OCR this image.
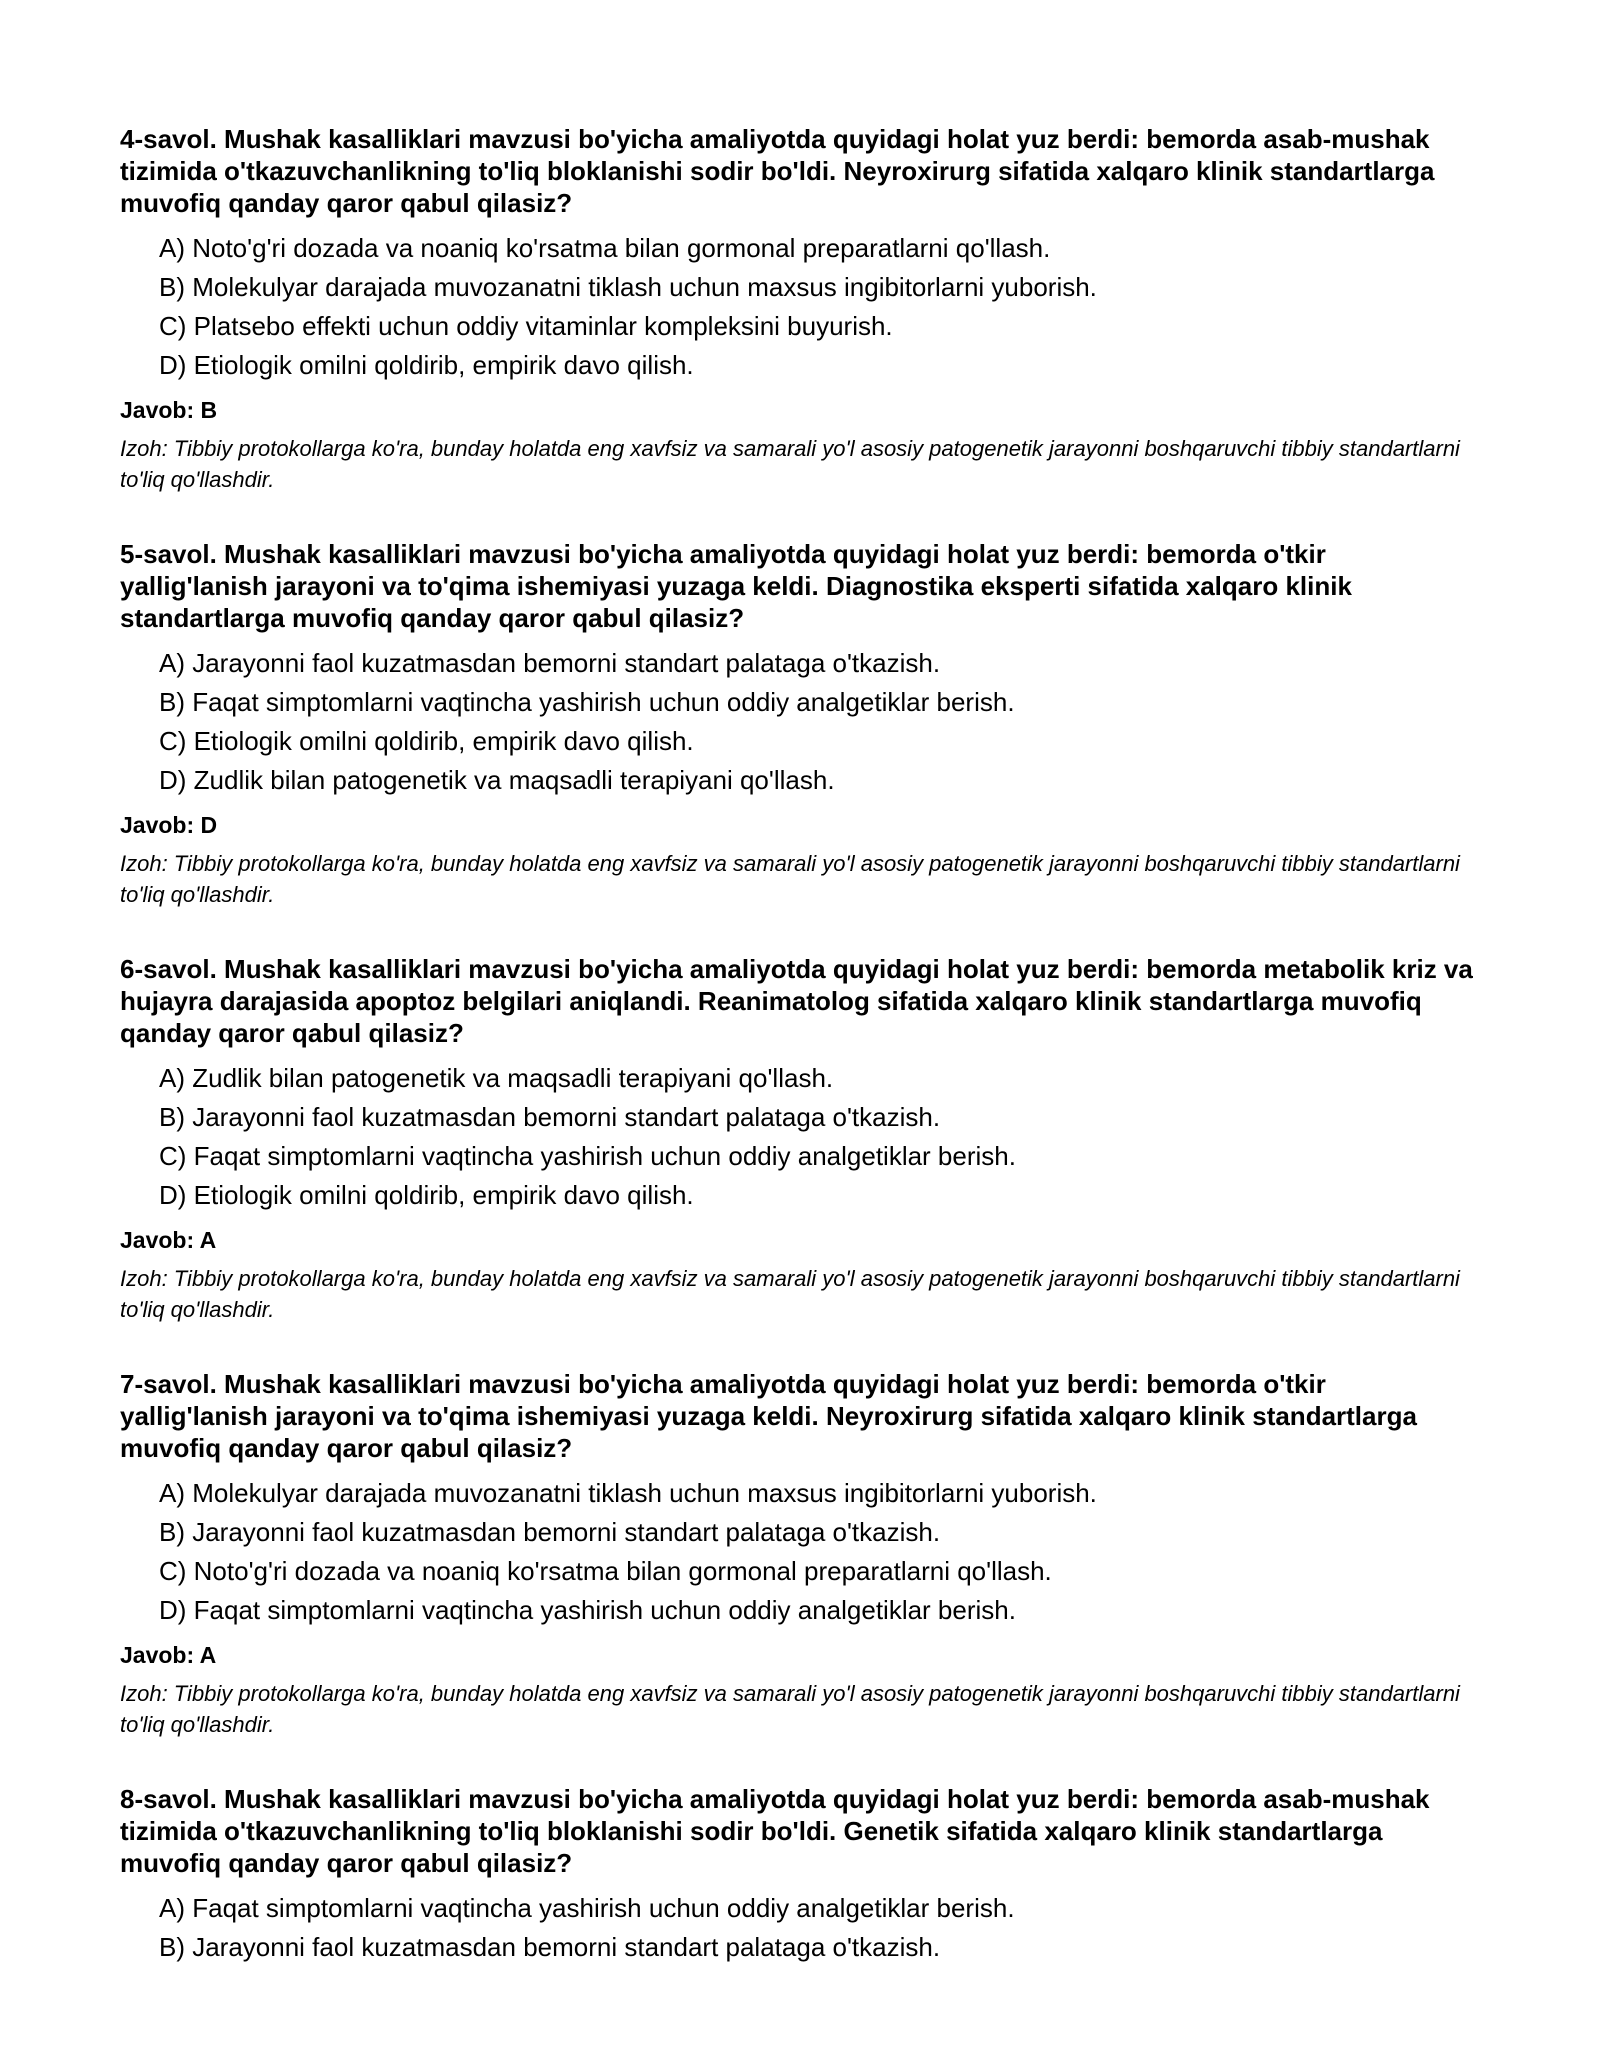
4-savol. Mushak kasalliklari mavzusi bo'yicha amaliyotda quyidagi holat yuz berdi: bemorda asab-mushak tizimida o'tkazuvchanlikning to'liq bloklanishi sodir bo'ldi. Neyroxirurg sifatida xalqaro klinik standartlarga muvofiq qanday qaror qabul qilasiz?

A) Noto'g'ri dozada va noaniq ko'rsatma bilan gormonal preparatlarni qo'llash.
B) Molekulyar darajada muvozanatni tiklash uchun maxsus ingibitorlarni yuborish.
C) Platsebo effekti uchun oddiy vitaminlar kompleksini buyurish.
D) Etiologik omilni qoldirib, empirik davo qilish.

Javob: B

Izoh: Tibbiy protokollarga ko'ra, bunday holatda eng xavfsiz va samarali yo'l asosiy patogenetik jarayonni boshqaruvchi tibbiy standartlarni to'liq qo'llashdir.

5-savol. Mushak kasalliklari mavzusi bo'yicha amaliyotda quyidagi holat yuz berdi: bemorda o'tkir yallig'lanish jarayoni va to'qima ishemiyasi yuzaga keldi. Diagnostika eksperti sifatida xalqaro klinik standartlarga muvofiq qanday qaror qabul qilasiz?

A) Jarayonni faol kuzatmasdan bemorni standart palataga o'tkazish.
B) Faqat simptomlarni vaqtincha yashirish uchun oddiy analgetiklar berish.
C) Etiologik omilni qoldirib, empirik davo qilish.
D) Zudlik bilan patogenetik va maqsadli terapiyani qo'llash.

Javob: D

Izoh: Tibbiy protokollarga ko'ra, bunday holatda eng xavfsiz va samarali yo'l asosiy patogenetik jarayonni boshqaruvchi tibbiy standartlarni to'liq qo'llashdir.

6-savol. Mushak kasalliklari mavzusi bo'yicha amaliyotda quyidagi holat yuz berdi: bemorda metabolik kriz va hujayra darajasida apoptoz belgilari aniqlandi. Reanimatolog sifatida xalqaro klinik standartlarga muvofiq qanday qaror qabul qilasiz?

A) Zudlik bilan patogenetik va maqsadli terapiyani qo'llash.
B) Jarayonni faol kuzatmasdan bemorni standart palataga o'tkazish.
C) Faqat simptomlarni vaqtincha yashirish uchun oddiy analgetiklar berish.
D) Etiologik omilni qoldirib, empirik davo qilish.

Javob: A

Izoh: Tibbiy protokollarga ko'ra, bunday holatda eng xavfsiz va samarali yo'l asosiy patogenetik jarayonni boshqaruvchi tibbiy standartlarni to'liq qo'llashdir.

7-savol. Mushak kasalliklari mavzusi bo'yicha amaliyotda quyidagi holat yuz berdi: bemorda o'tkir yallig'lanish jarayoni va to'qima ishemiyasi yuzaga keldi. Neyroxirurg sifatida xalqaro klinik standartlarga muvofiq qanday qaror qabul qilasiz?

A) Molekulyar darajada muvozanatni tiklash uchun maxsus ingibitorlarni yuborish.
B) Jarayonni faol kuzatmasdan bemorni standart palataga o'tkazish.
C) Noto'g'ri dozada va noaniq ko'rsatma bilan gormonal preparatlarni qo'llash.
D) Faqat simptomlarni vaqtincha yashirish uchun oddiy analgetiklar berish.

Javob: A

Izoh: Tibbiy protokollarga ko'ra, bunday holatda eng xavfsiz va samarali yo'l asosiy patogenetik jarayonni boshqaruvchi tibbiy standartlarni to'liq qo'llashdir.

8-savol. Mushak kasalliklari mavzusi bo'yicha amaliyotda quyidagi holat yuz berdi: bemorda asab-mushak tizimida o'tkazuvchanlikning to'liq bloklanishi sodir bo'ldi. Genetik sifatida xalqaro klinik standartlarga muvofiq qanday qaror qabul qilasiz?

A) Faqat simptomlarni vaqtincha yashirish uchun oddiy analgetiklar berish.
B) Jarayonni faol kuzatmasdan bemorni standart palataga o'tkazish.
